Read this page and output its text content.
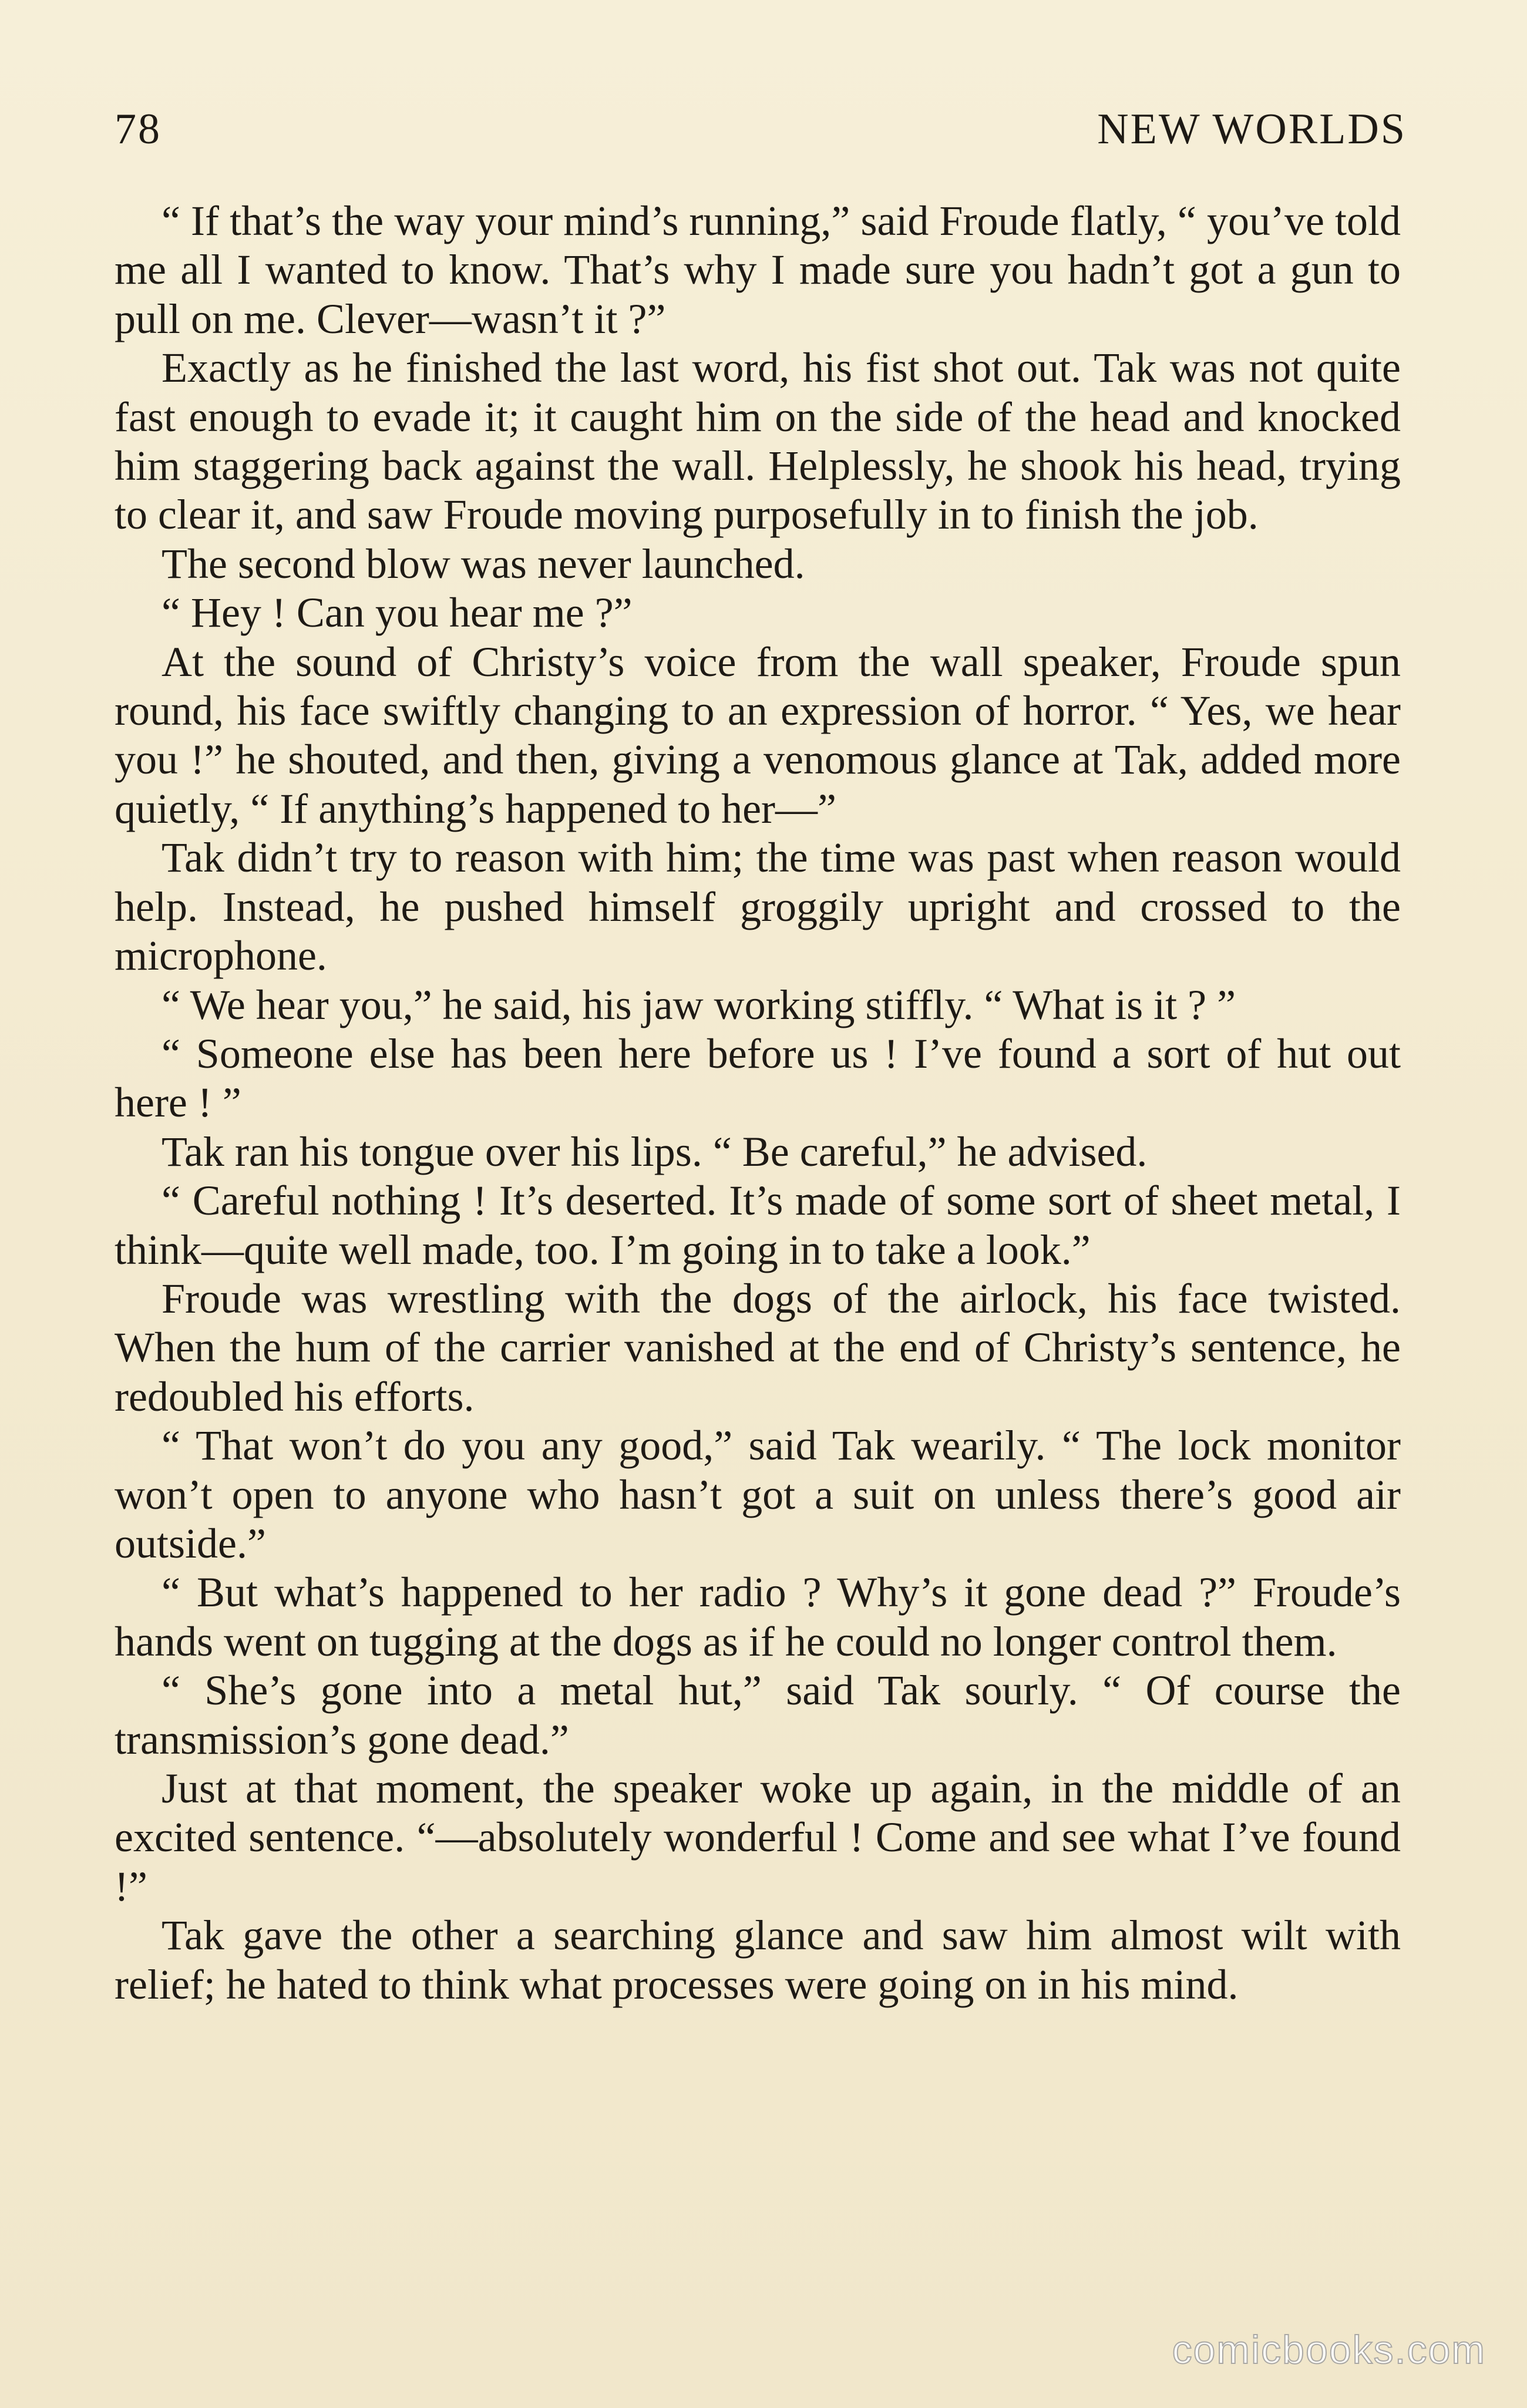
78	NEW WORLDS

“ If that’s the way your mind’s running,” said Froude flatly, “ you’ve told me all I wanted to know. That’s why I made sure you hadn’t got a gun to pull on me. Clever—wasn’t it ?”

Exactly as he finished the last word, his fist shot out. Tak was not quite fast enough to evade it; it caught him on the side of the head and knocked him staggering back against the wall. Helplessly, he shook his head, trying to clear it, and saw Froude moving purposefully in to finish the job.

The second blow was never launched.

“ Hey ! Can you hear me ?”

At the sound of Christy’s voice from the wall speaker, Froude spun round, his face swiftly changing to an expression of horror. “ Yes, we hear you !” he shouted, and then, giving a venomous glance at Tak, added more quietly, “ If anything’s happened to her—”

Tak didn’t try to reason with him; the time was past when reason would help. Instead, he pushed himself groggily upright and crossed to the microphone.

“ We hear you,” he said, his jaw working stiffly. “ What is it ? ”

“ Someone else has been here before us ! I’ve found a sort of hut out here ! ”

Tak ran his tongue over his lips. “ Be careful,” he advised.

“ Careful nothing ! It’s deserted. It’s made of some sort of sheet metal, I think—quite well made, too. I’m going in to take a look.”

Froude was wrestling with the dogs of the airlock, his face twisted. When the hum of the carrier vanished at the end of Christy’s sentence, he redoubled his efforts.

“ That won’t do you any good,” said Tak wearily. “ The lock monitor won’t open to anyone who hasn’t got a suit on unless there’s good air outside.”

“ But what’s happened to her radio ? Why’s it gone dead ?” Froude’s hands went on tugging at the dogs as if he could no longer control them.

“ She’s gone into a metal hut,” said Tak sourly. “ Of course the transmission’s gone dead.”

Just at that moment, the speaker woke up again, in the middle of an excited sentence. “—absolutely wonderful ! Come and see what I’ve found !”

Tak gave the other a searching glance and saw him almost wilt with relief; he hated to think what processes were going on in his mind.

comicbooks.com
